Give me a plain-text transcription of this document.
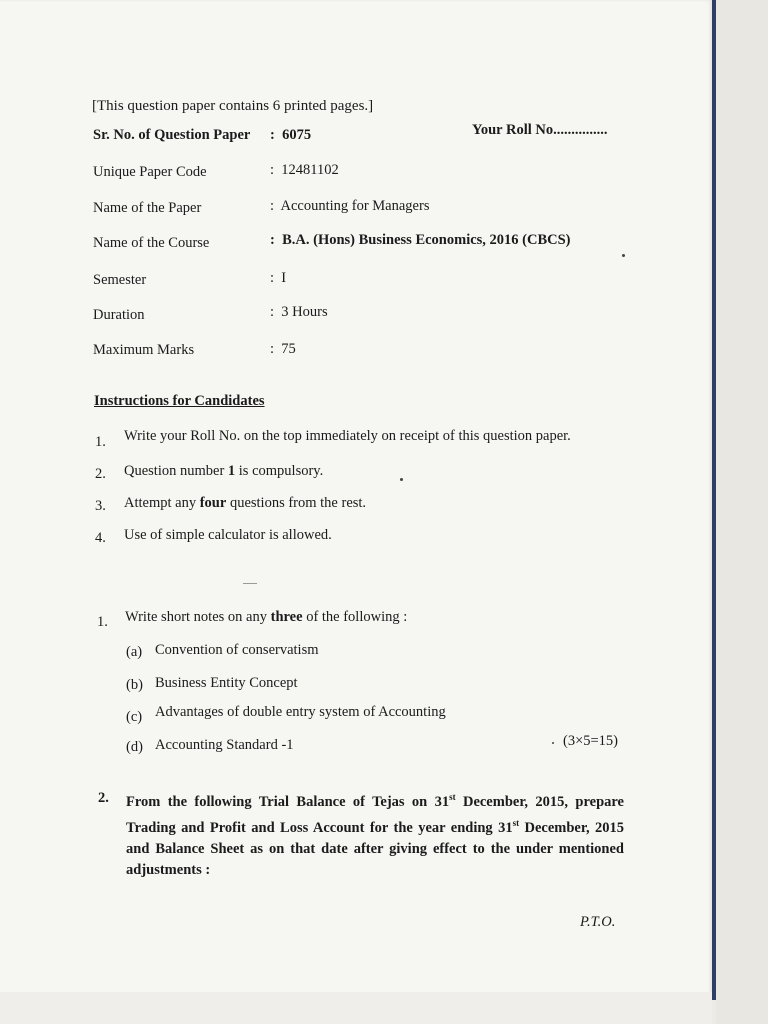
[This question paper contains 6 printed pages.]
Sr. No. of Question Paper : 6075	Your Roll No...............
Unique Paper Code	: 12481102
Name of the Paper	: Accounting for Managers
Name of the Course	: B.A. (Hons) Business Economics, 2016 (CBCS)
Semester	: I
Duration	: 3 Hours
Maximum Marks	: 75
Instructions for Candidates
1. Write your Roll No. on the top immediately on receipt of this question paper.
2. Question number 1 is compulsory.
3. Attempt any four questions from the rest.
4. Use of simple calculator is allowed.
1. Write short notes on any three of the following :
(a) Convention of conservatism
(b) Business Entity Concept
(c) Advantages of double entry system of Accounting
(d) Accounting Standard -1	(3×5=15)
2. From the following Trial Balance of Tejas on 31st December, 2015, prepare Trading and Profit and Loss Account for the year ending 31st December, 2015 and Balance Sheet as on that date after giving effect to the under mentioned adjustments :
P.T.O.
